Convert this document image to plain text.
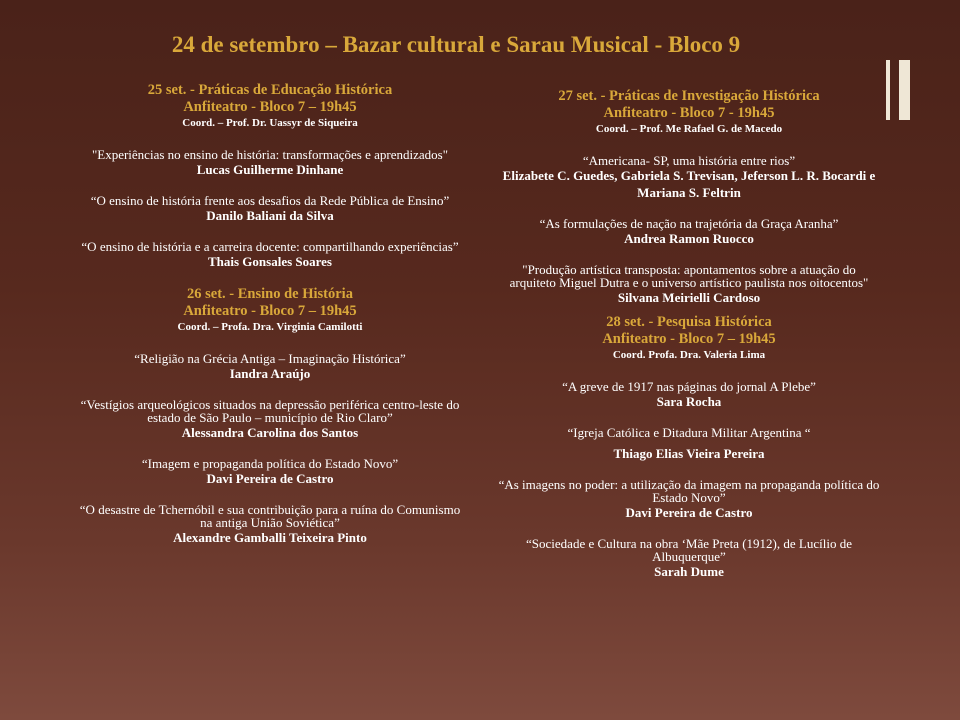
24 de setembro – Bazar cultural e Sarau Musical - Bloco 9
25 set. - Práticas de Educação Histórica
Anfiteatro - Bloco 7 – 19h45
Coord. – Prof. Dr. Uassyr de Siqueira
"Experiências no ensino de história: transformações e aprendizados"
Lucas Guilherme Dinhane
“O ensino de história frente aos desafios da Rede Pública de Ensino”
Danilo Baliani da Silva
“O ensino de história e a carreira docente: compartilhando experiências”
Thais Gonsales Soares
26 set. - Ensino de História
Anfiteatro - Bloco 7 – 19h45
Coord. – Profa. Dra. Virginia Camilotti
“Religião na Grécia Antiga – Imaginação Histórica”
Iandra Araújo
“Vestígios arqueológicos situados na depressão periférica centro-leste do estado de São Paulo – município de Rio Claro”
Alessandra Carolina dos Santos
“Imagem e propaganda política do Estado Novo”
Davi Pereira de Castro
“O desastre de Tchernóbil e sua contribuição para a ruína do Comunismo na antiga União Soviética”
Alexandre Gamballi Teixeira Pinto
27 set. - Práticas de Investigação Histórica
Anfiteatro - Bloco 7 - 19h45
Coord. – Prof. Me Rafael G. de Macedo
“Americana- SP, uma história entre rios”
Elizabete C. Guedes, Gabriela S. Trevisan, Jeferson L. R. Bocardi e Mariana S. Feltrin
“As formulações de nação na trajetória da Graça Aranha”
Andrea Ramon Ruocco
"Produção artística transposta: apontamentos sobre a atuação do arquiteto Miguel Dutra e o universo artístico paulista nos oitocentos"
Silvana Meirielli Cardoso
28 set. - Pesquisa Histórica
Anfiteatro - Bloco 7 – 19h45
Coord. Profa. Dra. Valeria Lima
“A greve de 1917 nas páginas do jornal A Plebe”
Sara Rocha
“Igreja Católica e Ditadura Militar Argentina “
Thiago Elias Vieira Pereira
“As imagens no poder: a utilização da imagem na propaganda política do Estado Novo”
Davi Pereira de Castro
“Sociedade e Cultura na obra ‘Mãe Preta (1912), de Lucílio de Albuquerque”
Sarah Dume
